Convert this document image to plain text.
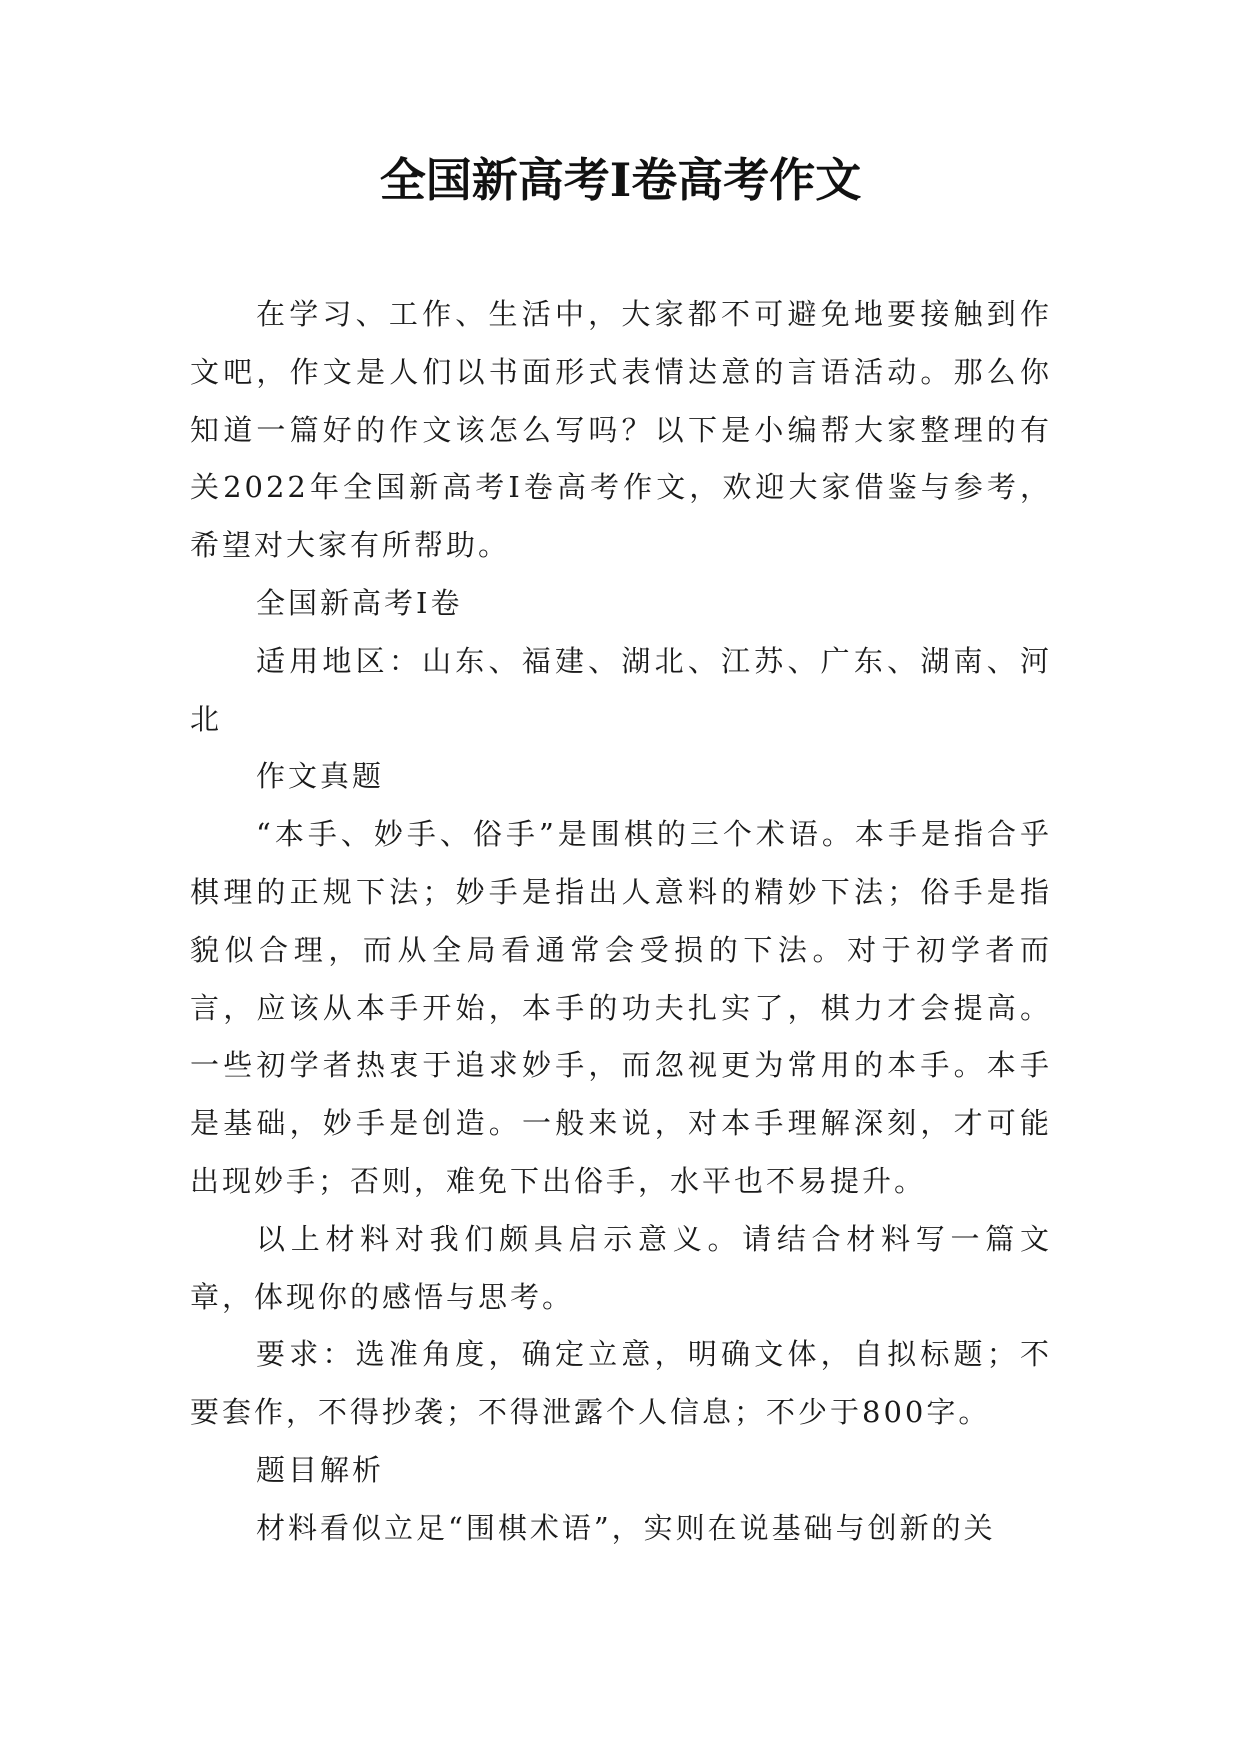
全国新高考Ⅰ卷高考作文

在学习、工作、生活中，大家都不可避免地要接触到作文吧，作文是人们以书面形式表情达意的言语活动。那么你知道一篇好的作文该怎么写吗？以下是小编帮大家整理的有关2022年全国新高考Ⅰ卷高考作文，欢迎大家借鉴与参考，希望对大家有所帮助。

全国新高考Ⅰ卷

适用地区：山东、福建、湖北、江苏、广东、湖南、河北

作文真题

“本手、妙手、俗手”是围棋的三个术语。本手是指合乎棋理的正规下法；妙手是指出人意料的精妙下法；俗手是指貌似合理，而从全局看通常会受损的下法。对于初学者而言，应该从本手开始，本手的功夫扎实了，棋力才会提高。一些初学者热衷于追求妙手，而忽视更为常用的本手。本手是基础，妙手是创造。一般来说，对本手理解深刻，才可能出现妙手；否则，难免下出俗手，水平也不易提升。

以上材料对我们颇具启示意义。请结合材料写一篇文章，体现你的感悟与思考。

要求：选准角度，确定立意，明确文体，自拟标题；不要套作，不得抄袭；不得泄露个人信息；不少于800字。

题目解析

材料看似立足“围棋术语”，实则在说基础与创新的关
